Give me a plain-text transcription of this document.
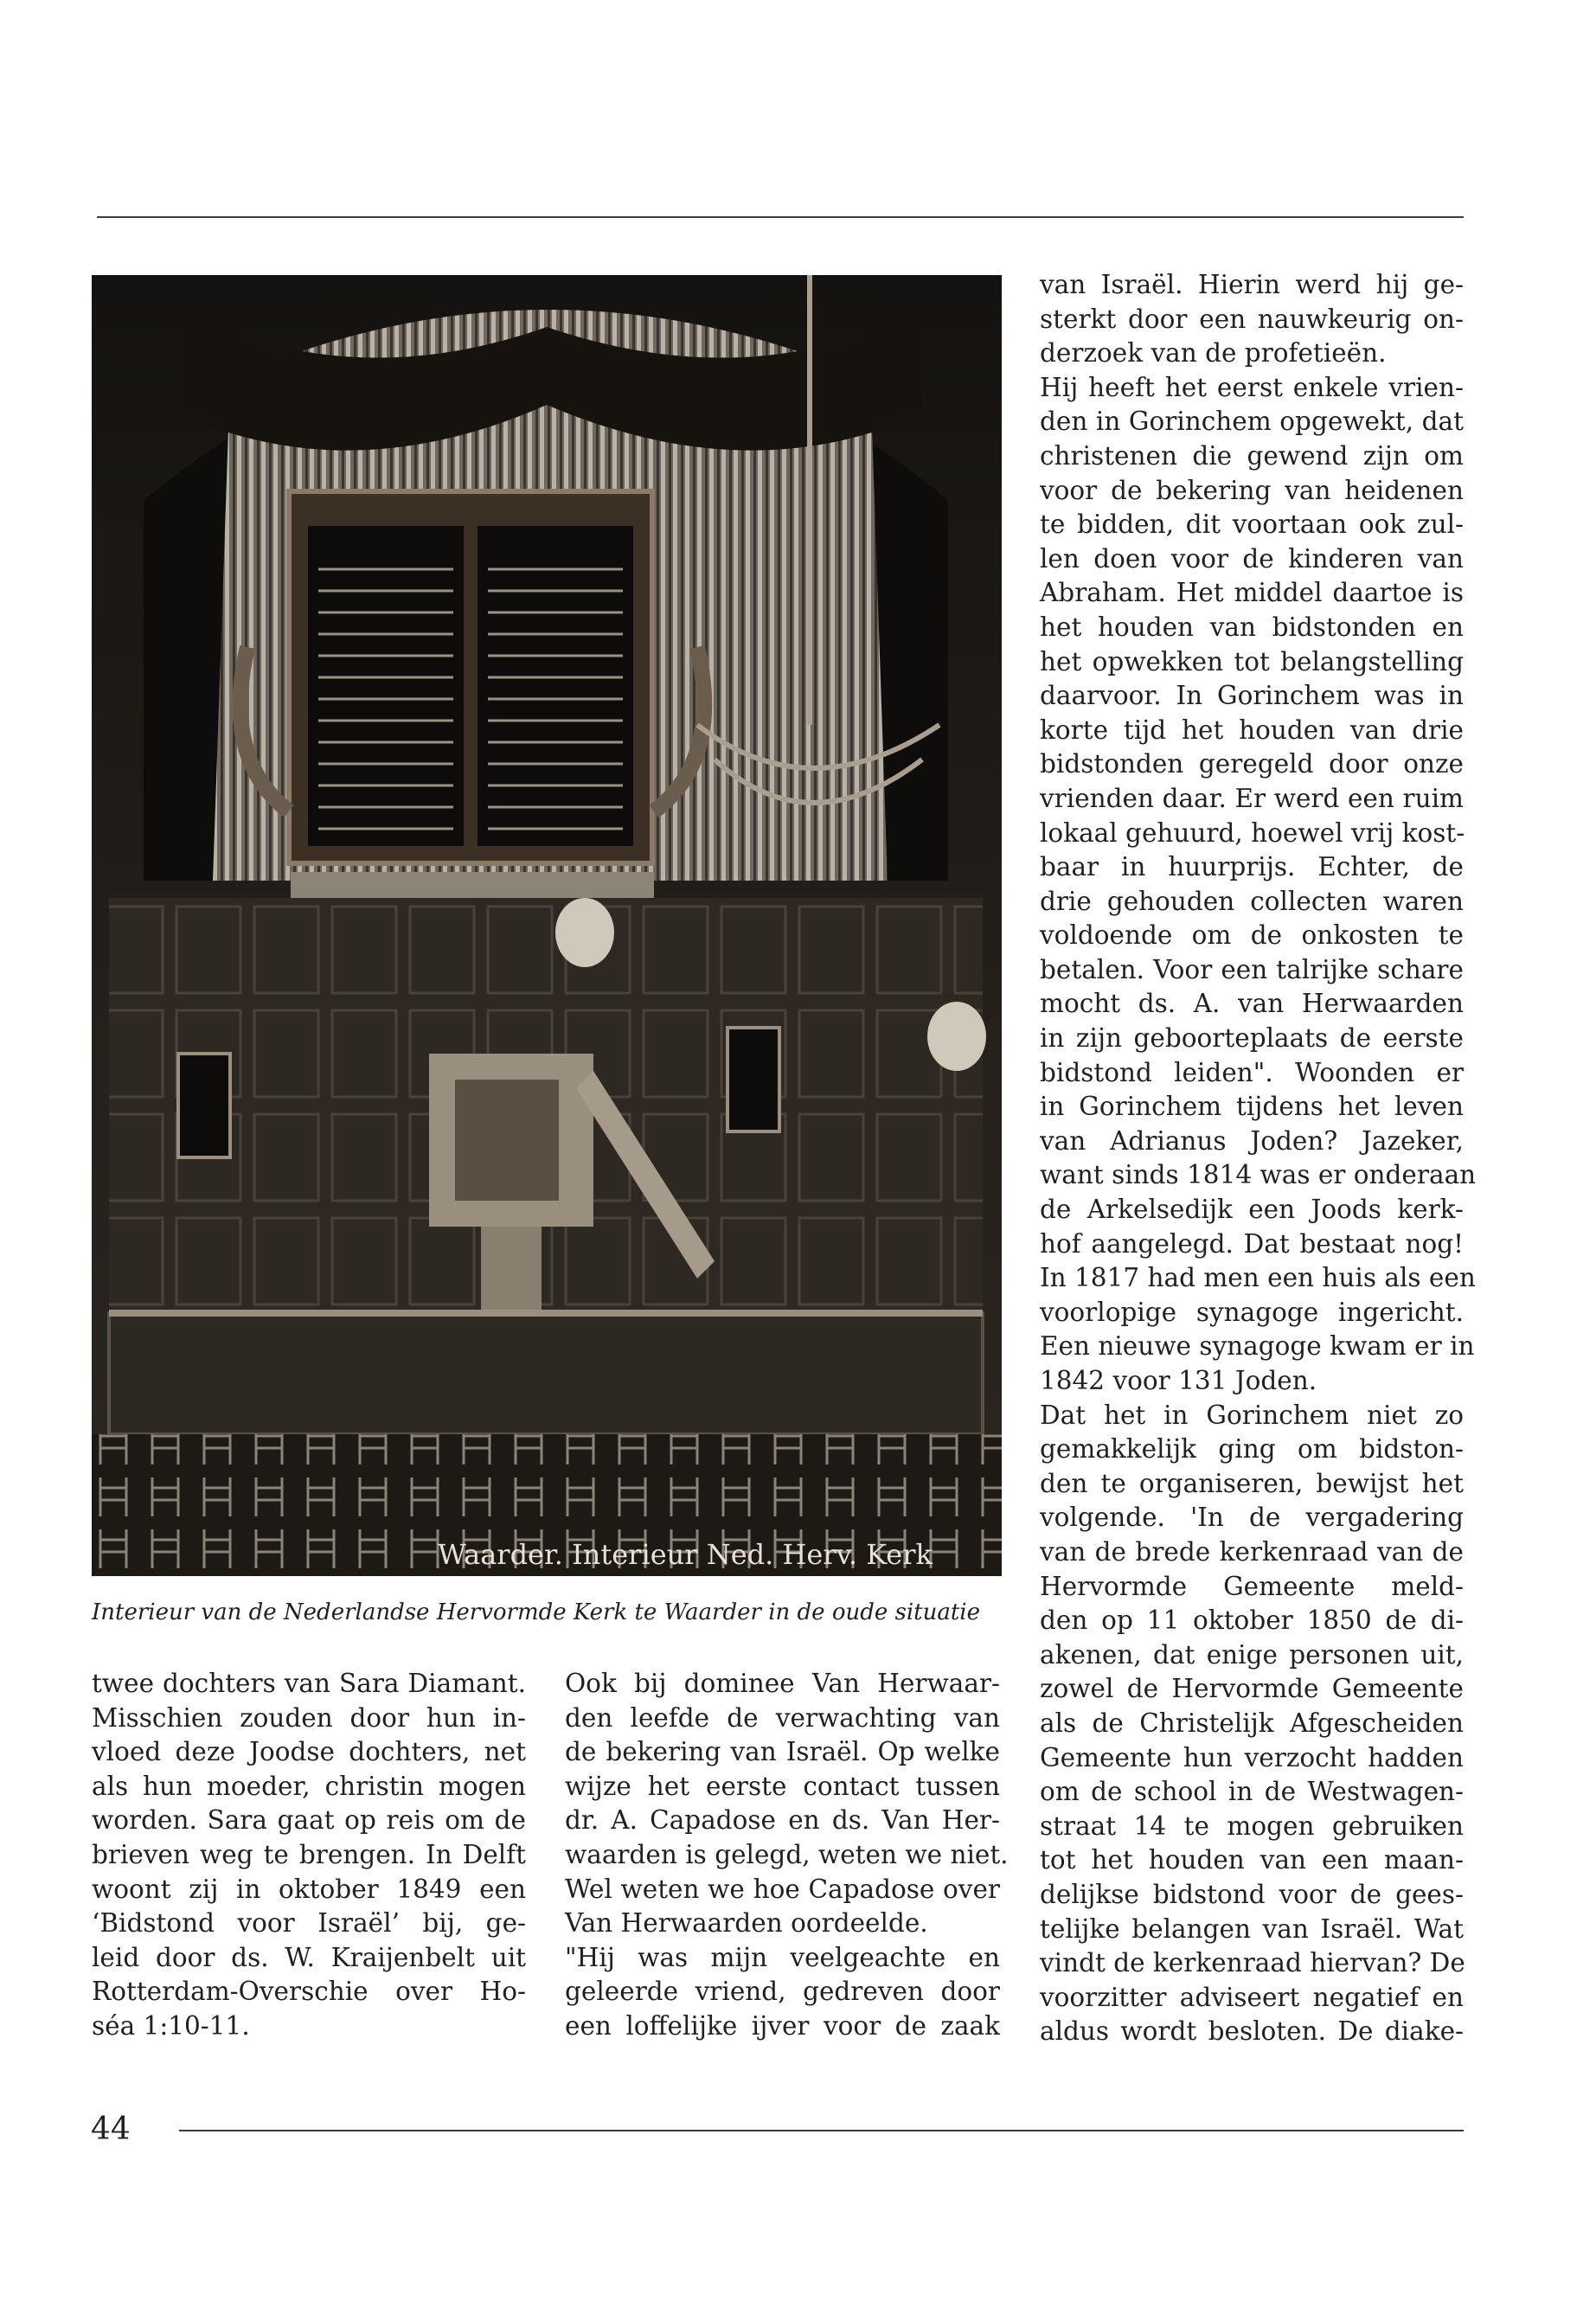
Waarder. Interieur Ned. Herv. Kerk
Interieur van de Nederlandse Hervormde Kerk te Waarder in de oude situatie
twee dochters van Sara Diamant.
Misschien zouden door hun in-
vloed deze Joodse dochters, net
als hun moeder, christin mogen
worden. Sara gaat op reis om de
brieven weg te brengen. In Delft
woont zij in oktober 1849 een
‘Bidstond voor Israël’ bij, ge-
leid door ds. W. Kraijenbelt uit
Rotterdam-Overschie over Ho-
séa 1:10-11.
Ook bij dominee Van Herwaar-
den leefde de verwachting van
de bekering van Israël. Op welke
wijze het eerste contact tussen
dr. A. Capadose en ds. Van Her-
waarden is gelegd, weten we niet.
Wel weten we hoe Capadose over
Van Herwaarden oordeelde.
"Hij was mijn veelgeachte en
geleerde vriend, gedreven door
een loffelijke ijver voor de zaak
van Israël. Hierin werd hij ge-
sterkt door een nauwkeurig on-
derzoek van de profetieën.
Hij heeft het eerst enkele vrien-
den in Gorinchem opgewekt, dat
christenen die gewend zijn om
voor de bekering van heidenen
te bidden, dit voortaan ook zul-
len doen voor de kinderen van
Abraham. Het middel daartoe is
het houden van bidstonden en
het opwekken tot belangstelling
daarvoor. In Gorinchem was in
korte tijd het houden van drie
bidstonden geregeld door onze
vrienden daar. Er werd een ruim
lokaal gehuurd, hoewel vrij kost-
baar in huurprijs. Echter, de
drie gehouden collecten waren
voldoende om de onkosten te
betalen. Voor een talrijke schare
mocht ds. A. van Herwaarden
in zijn geboorteplaats de eerste
bidstond leiden". Woonden er
in Gorinchem tijdens het leven
van Adrianus Joden? Jazeker,
want sinds 1814 was er onderaan
de Arkelsedijk een Joods kerk-
hof aangelegd. Dat bestaat nog!
In 1817 had men een huis als een
voorlopige synagoge ingericht.
Een nieuwe synagoge kwam er in
1842 voor 131 Joden.
Dat het in Gorinchem niet zo
gemakkelijk ging om bidston-
den te organiseren, bewijst het
volgende. 'In de vergadering
van de brede kerkenraad van de
Hervormde Gemeente meld-
den op 11 oktober 1850 de di-
akenen, dat enige personen uit,
zowel de Hervormde Gemeente
als de Christelijk Afgescheiden
Gemeente hun verzocht hadden
om de school in de Westwagen-
straat 14 te mogen gebruiken
tot het houden van een maan-
delijkse bidstond voor de gees-
telijke belangen van Israël. Wat
vindt de kerkenraad hiervan? De
voorzitter adviseert negatief en
aldus wordt besloten. De diake-
44
